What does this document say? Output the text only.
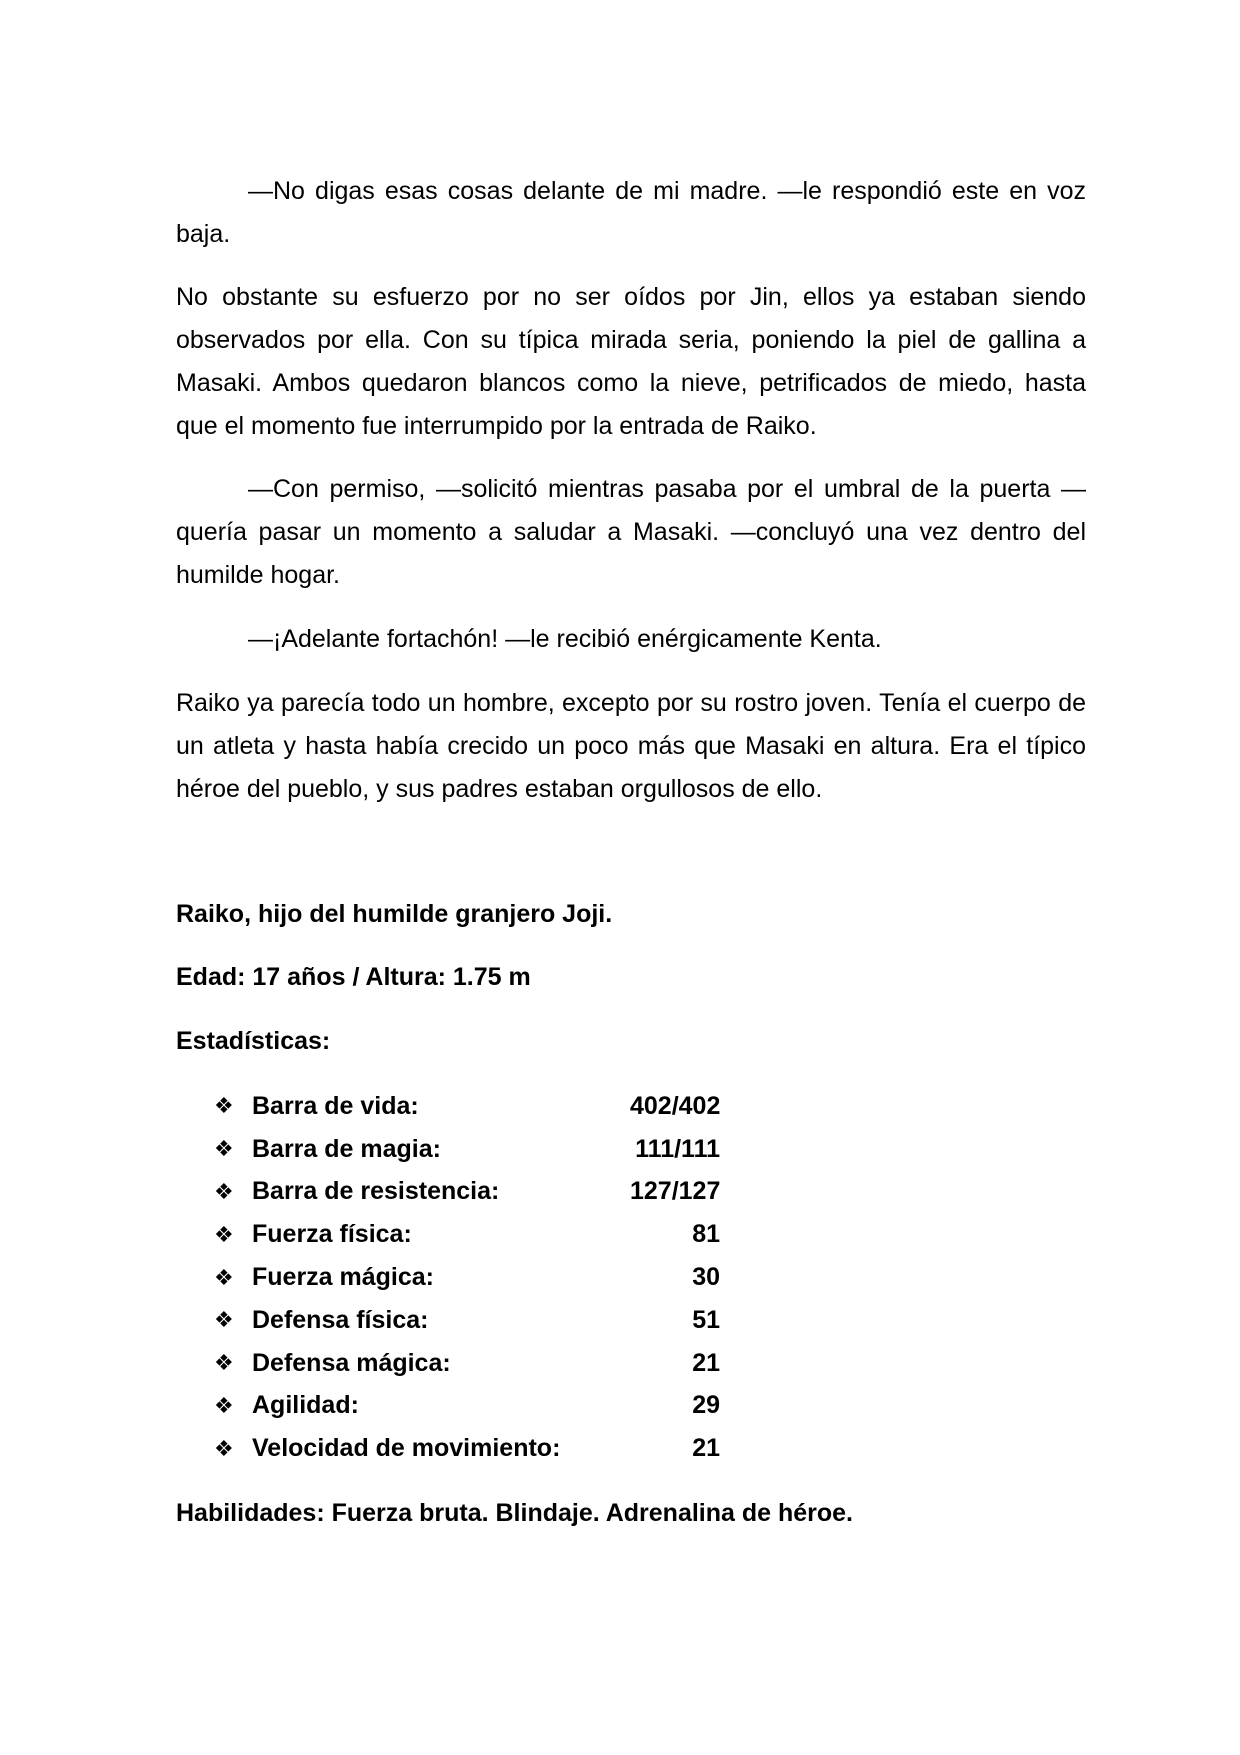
—No digas esas cosas delante de mi madre. —le respondió este en voz baja.

No obstante su esfuerzo por no ser oídos por Jin, ellos ya estaban siendo observados por ella. Con su típica mirada seria, poniendo la piel de gallina a Masaki. Ambos quedaron blancos como la nieve, petrificados de miedo, hasta que el momento fue interrumpido por la entrada de Raiko.

—Con permiso, —solicitó mientras pasaba por el umbral de la puerta —quería pasar un momento a saludar a Masaki. —concluyó una vez dentro del humilde hogar.

—¡Adelante fortachón! —le recibió enérgicamente Kenta.

Raiko ya parecía todo un hombre, excepto por su rostro joven. Tenía el cuerpo de un atleta y hasta había crecido un poco más que Masaki en altura. Era el típico héroe del pueblo, y sus padres estaban orgullosos de ello.

Raiko, hijo del humilde granjero Joji.

Edad: 17 años / Altura: 1.75 m

Estadísticas:

❖ Barra de vida:	402/402
❖ Barra de magia:	111/111
❖ Barra de resistencia:	127/127
❖ Fuerza física:	81
❖ Fuerza mágica:	30
❖ Defensa física:	51
❖ Defensa mágica:	21
❖ Agilidad:	29
❖ Velocidad de movimiento:	21

Habilidades: Fuerza bruta. Blindaje. Adrenalina de héroe.
